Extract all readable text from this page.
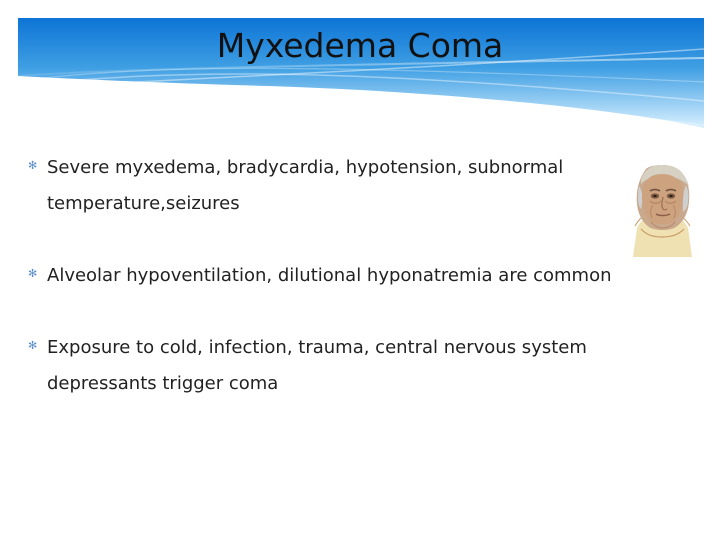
Myxedema Coma
✻ Severe myxedema, bradycardia, hypotension, subnormal temperature,seizures
✻ Alveolar hypoventilation, dilutional hyponatremia are common
✻ Exposure to cold, infection, trauma, central nervous system depressants trigger coma
